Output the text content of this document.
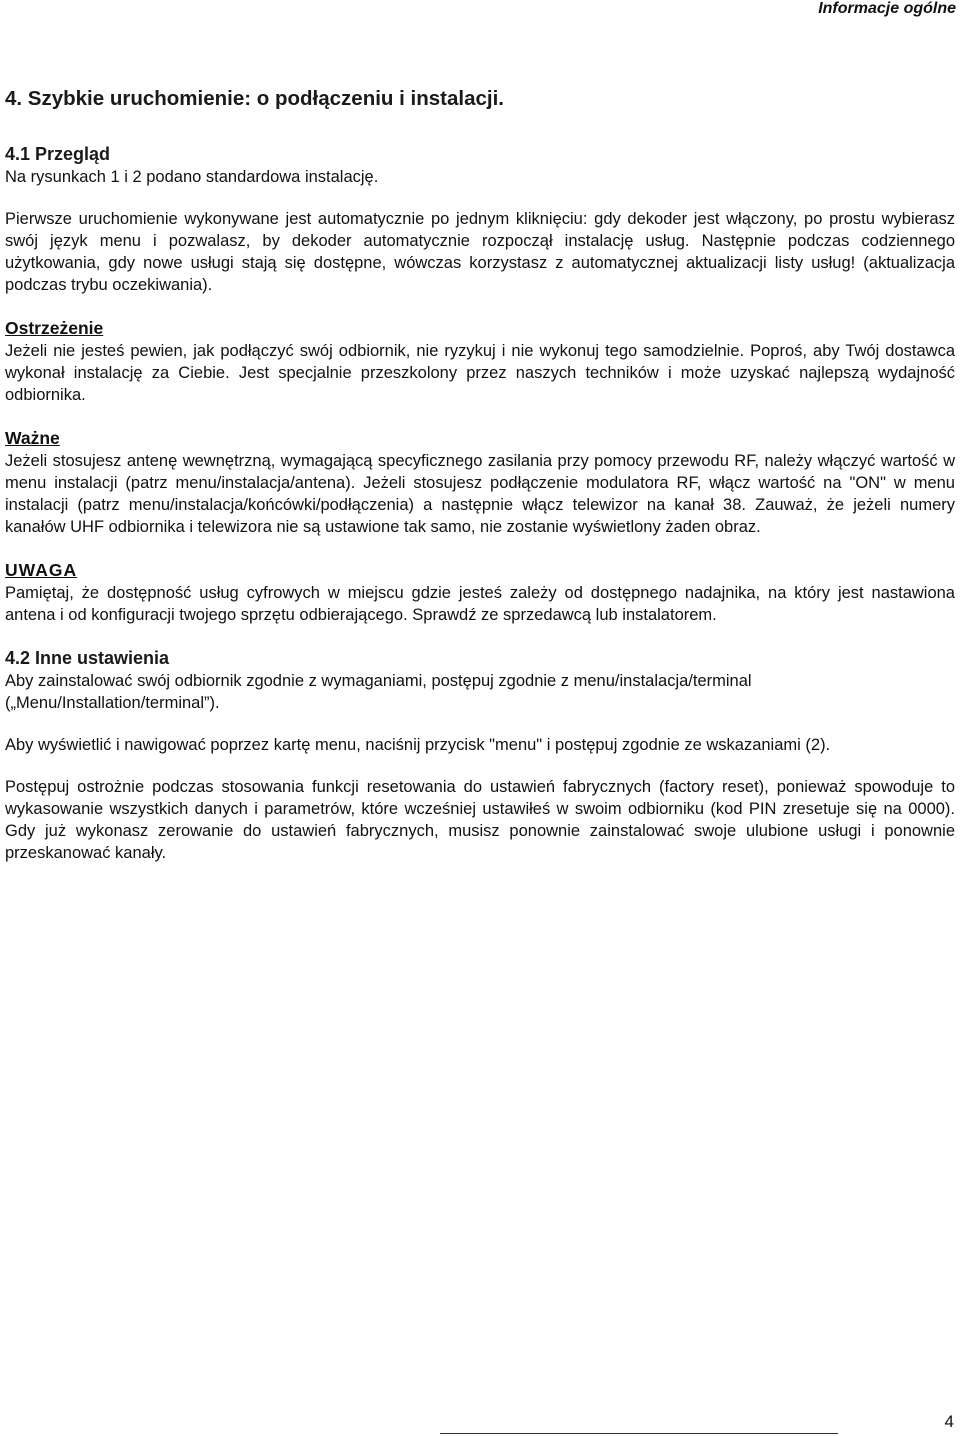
Informacje ogólne
4. Szybkie uruchomienie: o podłączeniu i instalacji.
4.1 Przegląd

Na rysunkach 1 i 2 podano standardowa instalację.

Pierwsze uruchomienie wykonywane jest automatycznie po jednym kliknięciu: gdy dekoder jest włączony, po prostu wybierasz swój język menu i pozwalasz, by dekoder automatycznie rozpoczął instalację usług. Następnie podczas codziennego użytkowania, gdy nowe usługi stają się dostępne, wówczas korzystasz z automatycznej aktualizacji listy usług! (aktualizacja podczas trybu oczekiwania).

Ostrzeżenie

Jeżeli nie jesteś pewien, jak podłączyć swój odbiornik, nie ryzykuj i nie wykonuj tego samodzielnie. Poproś, aby Twój dostawca wykonał instalację za Ciebie. Jest specjalnie przeszkolony przez naszych techników i może uzyskać najlepszą wydajność odbiornika.

Ważne

Jeżeli stosujesz antenę wewnętrzną, wymagającą specyficznego zasilania przy pomocy przewodu RF, należy włączyć wartość w menu instalacji (patrz menu/instalacja/antena). Jeżeli stosujesz podłączenie modulatora RF, włącz wartość na "ON" w menu instalacji (patrz menu/instalacja/końcówki/podłączenia) a następnie włącz telewizor na kanał 38. Zauważ, że jeżeli numery kanałów UHF odbiornika i telewizora nie są ustawione tak samo, nie zostanie wyświetlony żaden obraz.

UWAGA

Pamiętaj, że dostępność usług cyfrowych w miejscu gdzie jesteś zależy od dostępnego nadajnika, na który jest nastawiona antena i od konfiguracji twojego sprzętu odbierającego. Sprawdź ze sprzedawcą lub instalatorem.

4.2 Inne ustawienia

Aby zainstalować swój odbiornik zgodnie z wymaganiami, postępuj zgodnie z menu/instalacja/terminal („Menu/Installation/terminal”).

Aby wyświetlić i nawigować poprzez kartę menu, naciśnij przycisk "menu" i postępuj zgodnie ze wskazaniami (2).

Postępuj ostrożnie podczas stosowania funkcji resetowania do ustawień fabrycznych (factory reset), ponieważ spowoduje to wykasowanie wszystkich danych i parametrów, które wcześniej ustawiłeś w swoim odbiorniku (kod PIN zresetuje się na 0000). Gdy już wykonasz zerowanie do ustawień fabrycznych, musisz ponownie zainstalować swoje ulubione usługi i ponownie przeskanować kanały.

4
